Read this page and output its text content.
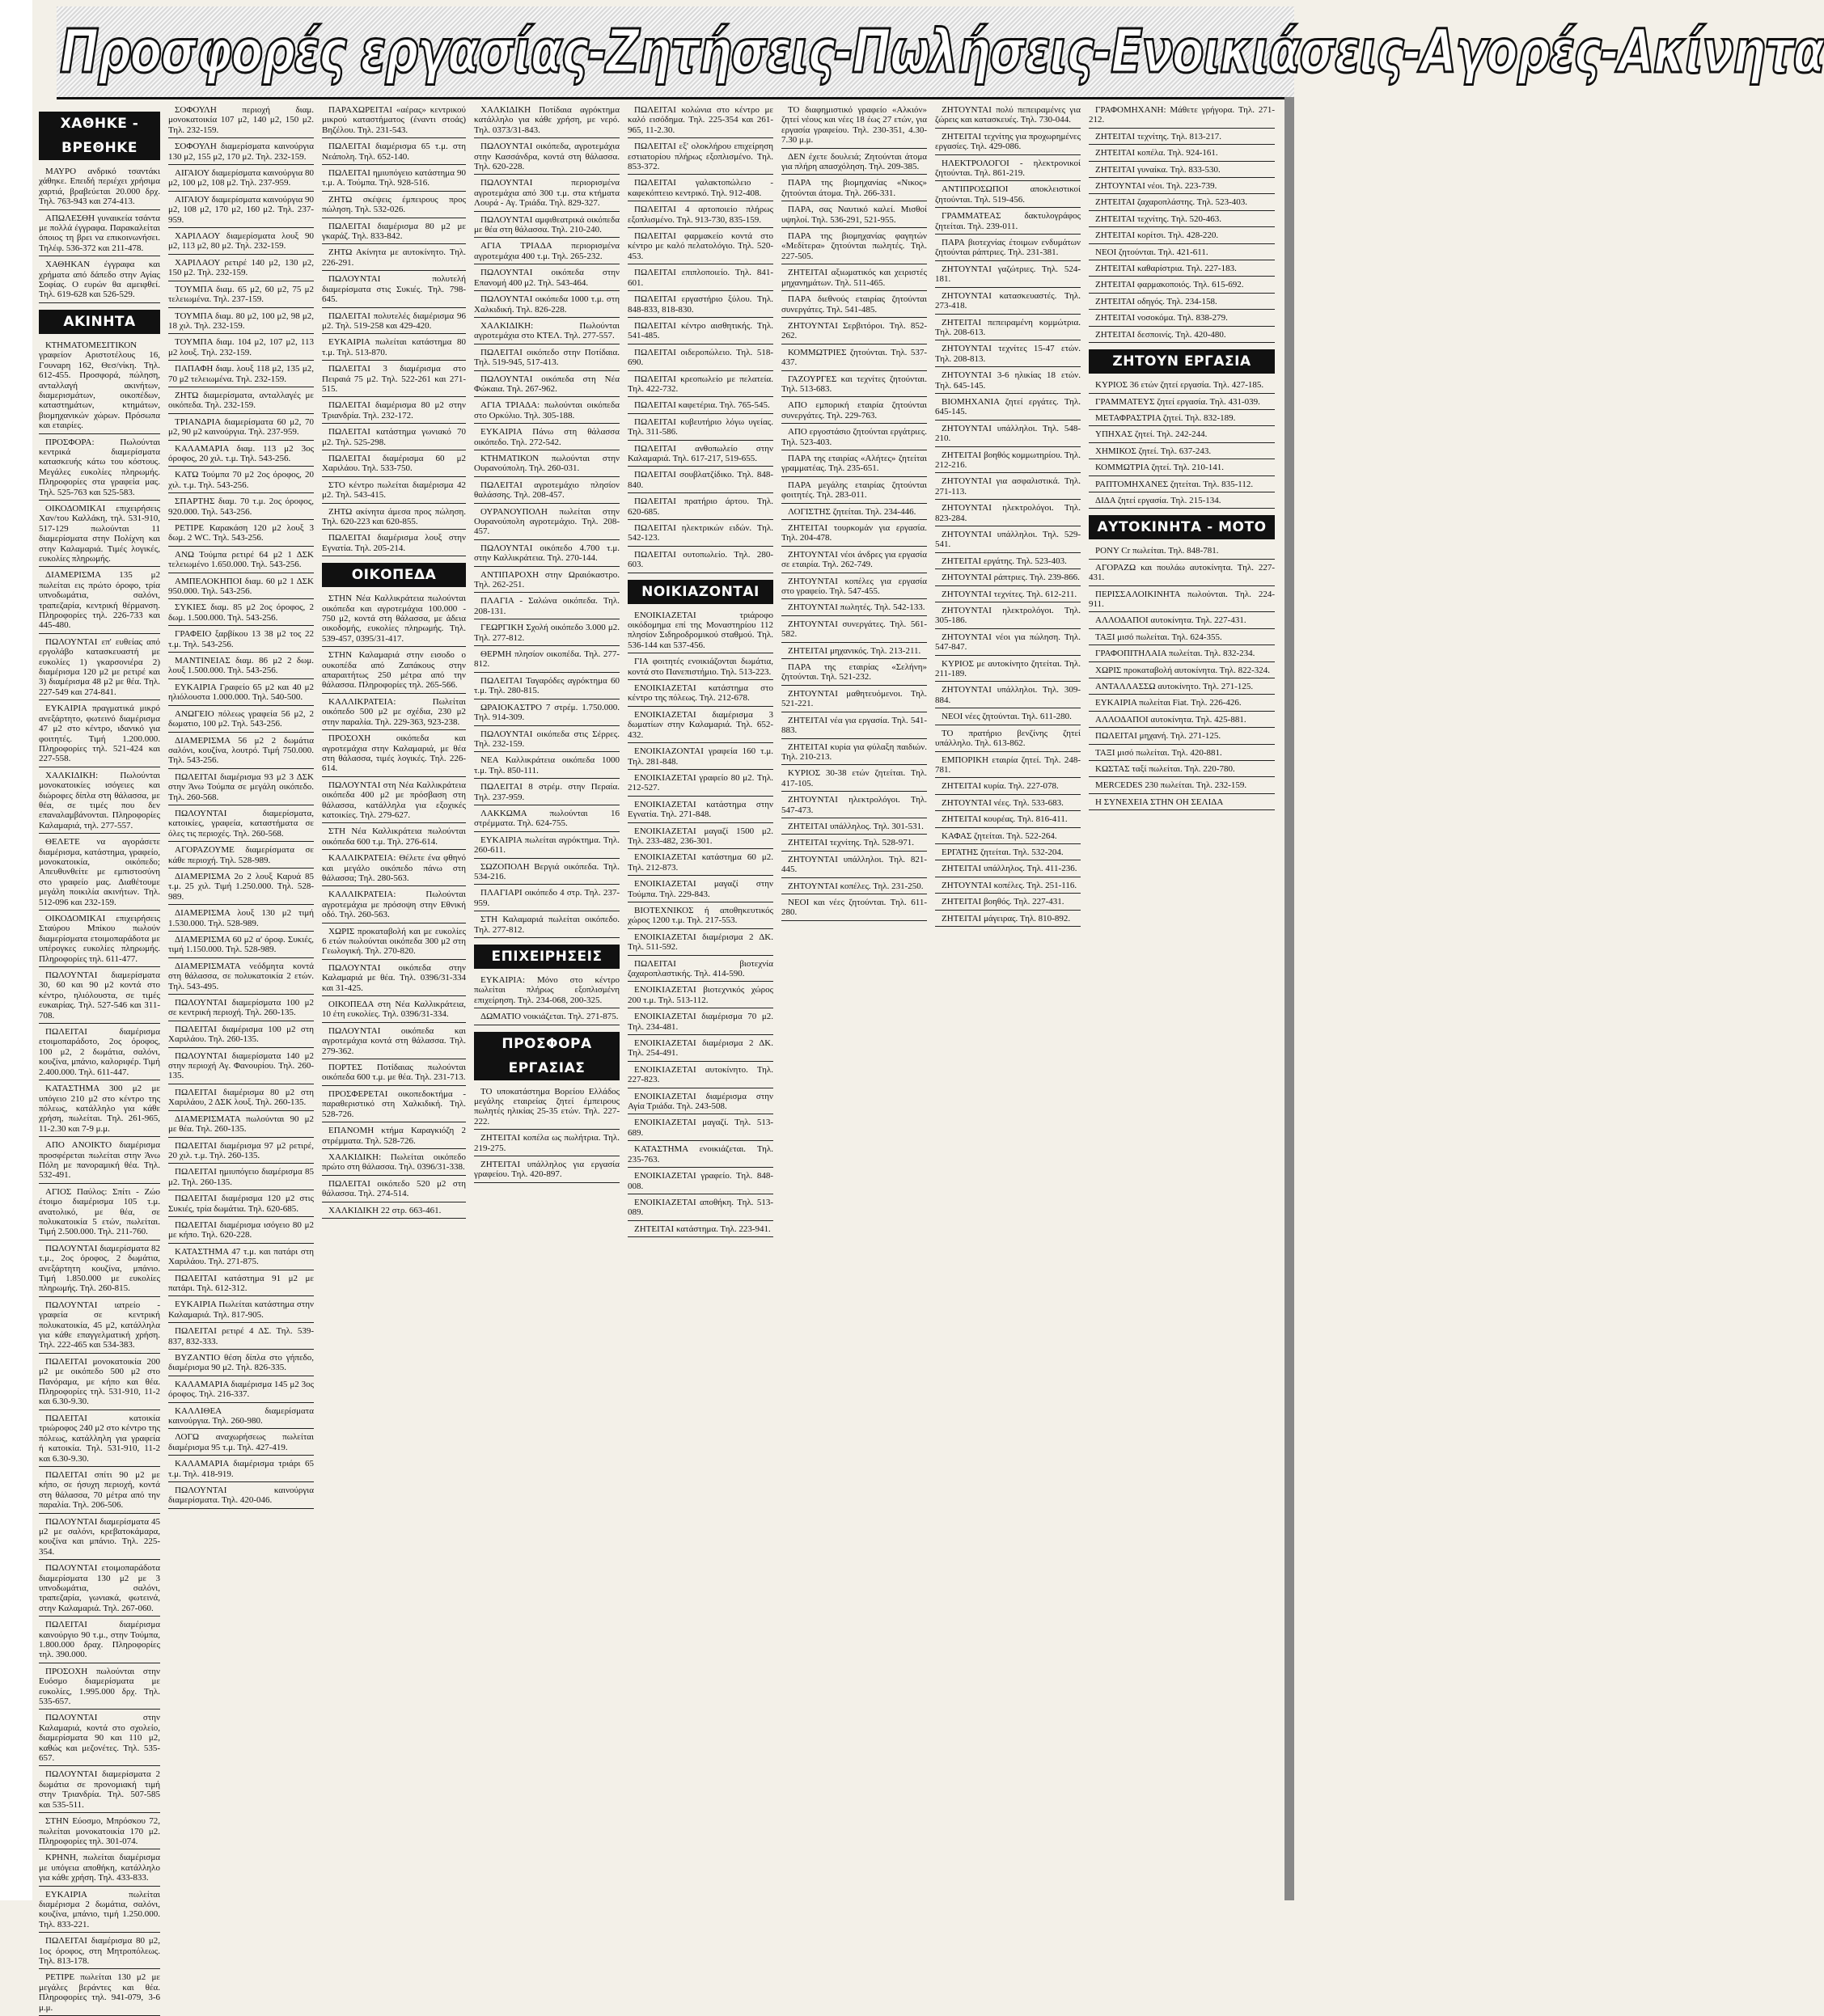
Προσφορές εργασίας-Ζητήσεις-Πωλήσεις-Ενοικιάσεις-Αγορές-Ακίνητα
ΧΑΘΗΚΕ - ΒΡΕΘΗΚΕ

ΜΑΥΡΟ ανδρικό τσαντάκι χάθηκε. Επειδή περιέχει χρήσιμα χαρτιά, βραβεύεται 20.000 δρχ. Τηλ. 763-943 και 274-413.

ΑΠΩΛΕΣΘΗ γυναικεία τσάντα με πολλά έγγραφα. Παρακαλείται όποιος τη βρει να επικοινωνήσει. Τηλέφ. 536-372 και 211-478.

ΧΑΘΗΚΑΝ έγγραφα και χρήματα από δάπεδο στην Αγίας Σοφίας. Ο ευρών θα αμειφθεί. Τηλ. 619-628 και 526-529.

ΑΚΙΝΗΤΑ

ΚΤΗΜΑΤΟΜΕΣΙΤΙΚΟΝ γραφείον Αριστοτέλους 16, Γουναρη 162, Θεσ/νίκη. Τηλ. 612-455. Προσφορά, πώληση, ανταλλαγή ακινήτων, διαμερισμάτων, οικοπέδων, καταστημάτων, κτημάτων, βιομηχανικών χώρων. Πρόσωπα και εταιρίες.

ΠΡΟΣΦΟΡΑ: Πωλούνται κεντρικά διαμερίσματα κατασκευής κάτω του κόστους. Μεγάλες ευκολίες πληρωμής. Πληροφορίες στα γραφεία μας. Τηλ. 525-763 και 525-583.

ΟΙΚΟΔΟΜΙΚΑΙ επιχειρήσεις Χαν/του Καλλάκη, τηλ. 531-910, 517-129 πωλούνται 11 διαμερίσματα στην Πολίχνη και στην Καλαμαριά. Τιμές λογικές, ευκολίες πληρωμής.

ΔΙΑΜΕΡΙΣΜΑ 135 μ2 πωλείται εις πρώτο όροφο, τρία υπνοδωμάτια, σαλόνι, τραπεζαρία, κεντρική θέρμανση. Πληροφορίες τηλ. 226-733 και 445-480.

ΠΩΛΟΥΝΤΑΙ επ' ευθείας από εργολάβο κατασκευαστή με ευκολίες 1) γκαρσονιέρα 2) διαμέρισμα 120 μ2 με ρετιρέ και 3) διαμέρισμα 48 μ2 με θέα. Τηλ. 227-549 και 274-841.

ΕΥΚΑΙΡΙΑ πραγματικά μικρό ανεξάρτητο, φωτεινό διαμέρισμα 47 μ2 στο κέντρο, ιδανικό για φοιτητές. Τιμή 1.200.000. Πληροφορίες τηλ. 521-424 και 227-558.

ΧΑΛΚΙΔΙΚΗ: Πωλούνται μονοκατοικίες ισόγειες και διώροφες δίπλα στη θάλασσα, με θέα, σε τιμές που δεν επαναλαμβάνονται. Πληροφορίες Καλαμαριά, τηλ. 277-557.

ΘΕΛΕΤΕ να αγοράσετε διαμέρισμα, κατάστημα, γραφείο, μονοκατοικία, οικόπεδο; Απευθυνθείτε με εμπιστοσύνη στο γραφείο μας. Διαθέτουμε μεγάλη ποικιλία ακινήτων. Τηλ. 512-096 και 232-159.

ΟΙΚΟΔΟΜΙΚΑΙ επιχειρήσεις Σταύρου Μπίκου πωλούν διαμερίσματα ετοιμοπαράδοτα με υπέρογκες ευκολίες πληρωμής. Πληροφορίες τηλ. 611-477.

ΠΩΛΟΥΝΤΑΙ διαμερίσματα 30, 60 και 90 μ2 κοντά στο κέντρο, ηλιόλουστα, σε τιμές ευκαιρίας. Τηλ. 527-546 και 311-708.

ΠΩΛΕΙΤΑΙ διαμέρισμα ετοιμοπαράδοτο, 2ος όροφος, 100 μ2, 2 δωμάτια, σαλόνι, κουζίνα, μπάνιο, καλοριφέρ. Τιμή 2.400.000. Τηλ. 611-447.

ΚΑΤΑΣΤΗΜΑ 300 μ2 με υπόγειο 210 μ2 στο κέντρο της πόλεως, κατάλληλο για κάθε χρήση, πωλείται. Τηλ. 261-965, 11-2.30 και 7-9 μ.μ.

ΑΠΟ ΑΝΟΙΚΤΟ διαμέρισμα προσφέρεται πωλείται στην Άνω Πόλη με πανοραμική θέα. Τηλ. 532-491.

ΑΓΙΟΣ Παύλος: Σπίτι - Ζώο έτοιμο διαμέρισμα 105 τ.μ. ανατολικό, με θέα, σε πολυκατοικία 5 ετών, πωλείται. Τιμή 2.500.000. Τηλ. 211-760.

ΠΩΛΟΥΝΤΑΙ διαμερίσματα 82 τ.μ., 2ος όροφος, 2 δωμάτια, ανεξάρτητη κουζίνα, μπάνιο. Τιμή 1.850.000 με ευκολίες πληρωμής. Τηλ. 260-815.

ΠΩΛΟΥΝΤΑΙ ιατρείο - γραφεία σε κεντρική πολυκατοικία, 45 μ2, κατάλληλα για κάθε επαγγελματική χρήση. Τηλ. 222-465 και 534-383.

ΠΩΛΕΙΤΑΙ μονοκατοικία 200 μ2 με οικόπεδο 500 μ2 στο Πανόραμα, με κήπο και θέα. Πληροφορίες τηλ. 531-910, 11-2 και 6.30-9.30.

ΠΩΛΕΙΤΑΙ κατοικία τριώροφος 240 μ2 στο κέντρο της πόλεως, κατάλληλη για γραφεία ή κατοικία. Τηλ. 531-910, 11-2 και 6.30-9.30.

ΠΩΛΕΙΤΑΙ σπίτι 90 μ2 με κήπο, σε ήσυχη περιοχή, κοντά στη θάλασσα, 70 μέτρα από την παραλία. Τηλ. 206-506.

ΠΩΛΟΥΝΤΑΙ διαμερίσματα 45 μ2 με σαλόνι, κρεβατοκάμαρα, κουζίνα και μπάνιο. Τηλ. 225-354.

ΠΩΛΟΥΝΤΑΙ ετοιμοπαράδοτα διαμερίσματα 130 μ2 με 3 υπνοδωμάτια, σαλόνι, τραπεζαρία, γωνιακά, φωτεινά, στην Καλαμαριά. Τηλ. 267-060.

ΠΩΛΕΙΤΑΙ διαμέρισμα καινούργιο 90 τ.μ., στην Τούμπα, 1.800.000 δραχ. Πληροφορίες τηλ. 390.000.

ΠΡΟΣΟΧΗ πωλούνται στην Ευόσμο διαμερίσματα με ευκολίες, 1.995.000 δρχ. Τηλ. 535-657.

ΠΩΛΟΥΝΤΑΙ στην Καλαμαριά, κοντά στο σχολείο, διαμερίσματα 90 και 110 μ2, καθώς και μεζονέτες. Τηλ. 535-657.

ΠΩΛΟΥΝΤΑΙ διαμερίσματα 2 δωμάτια σε προνομιακή τιμή στην Τριανδρία. Τηλ. 507-585 και 535-511.

ΣΤΗΝ Εύοσμο, Μπρόσκου 72, πωλείται μονοκατοικία 170 μ2. Πληροφορίες τηλ. 301-074.

ΚΡΗΝΗ, πωλείται διαμέρισμα με υπόγεια αποθήκη, κατάλληλο για κάθε χρήση. Τηλ. 433-833.

ΕΥΚΑΙΡΙΑ πωλείται διαμέρισμα 2 δωμάτια, σαλόνι, κουζίνα, μπάνιο, τιμή 1.250.000. Τηλ. 833-221.

ΠΩΛΕΙΤΑΙ διαμέρισμα 80 μ2, 1ος όροφος, στη Μητροπόλεως. Τηλ. 813-178.

ΡΕΤΙΡΕ πωλείται 130 μ2 με μεγάλες βεράντες και θέα. Πληροφορίες τηλ. 941-079, 3-6 μ.μ.

ΣΟΦΟΥΛΗ περιοχή διαμ. μονοκατοικία 107 μ2, 140 μ2, 150 μ2. Τηλ. 232-159.

ΣΟΦΟΥΛΗ διαμερίσματα καινούργια 130 μ2, 155 μ2, 170 μ2. Τηλ. 232-159.

ΑΙΓΑΙΟΥ διαμερίσματα καινούργια 80 μ2, 100 μ2, 108 μ2. Τηλ. 237-959.

ΑΙΓΑΙΟΥ διαμερίσματα καινούργια 90 μ2, 108 μ2, 170 μ2, 160 μ2. Τηλ. 237-959.

ΧΑΡΙΛΑΟΥ διαμερίσματα λουξ 90 μ2, 113 μ2, 80 μ2. Τηλ. 232-159.

ΧΑΡΙΛΑΟΥ ρετιρέ 140 μ2, 130 μ2, 150 μ2. Τηλ. 232-159.

ΤΟΥΜΠΑ διαμ. 65 μ2, 60 μ2, 75 μ2 τελειωμένα. Τηλ. 237-159.

ΤΟΥΜΠΑ διαμ. 80 μ2, 100 μ2, 98 μ2, 18 χιλ. Τηλ. 232-159.

ΤΟΥΜΠΑ διαμ. 104 μ2, 107 μ2, 113 μ2 λουξ. Τηλ. 232-159.

ΠΑΠΑΦΗ διαμ. λουξ 118 μ2, 135 μ2, 70 μ2 τελειωμένα. Τηλ. 232-159.

ΖΗΤΩ διαμερίσματα, ανταλλαγές με οικόπεδα. Τηλ. 232-159.

ΤΡΙΑΝΔΡΙΑ διαμερίσματα 60 μ2, 70 μ2, 90 μ2 καινούργια. Τηλ. 237-959.

ΚΑΛΑΜΑΡΙΑ διαμ. 113 μ2 3ος όροφος, 20 χιλ. τ.μ. Τηλ. 543-256.

ΚΑΤΩ Τούμπα 70 μ2 2ος όροφος, 20 χιλ. τ.μ. Τηλ. 543-256.

ΣΠΑΡΤΗΣ διαμ. 70 τ.μ. 2ος όροφος, 920.000. Τηλ. 543-256.

ΡΕΤΙΡΕ Καρακάση 120 μ2 λουξ 3 δωμ. 2 WC. Τηλ. 543-256.

ΑΝΩ Τούμπα ρετιρέ 64 μ2 1 ΔΣΚ τελειωμένο 1.650.000. Τηλ. 543-256.

ΑΜΠΕΛΟΚΗΠΟΙ διαμ. 60 μ2 1 ΔΣΚ 950.000. Τηλ. 543-256.

ΣΥΚΙΕΣ διαμ. 85 μ2 2ος όροφος, 2 δωμ. 1.500.000. Τηλ. 543-256.

ΓΡΑΦΕΙΟ ξαρβίκου 13 38 μ2 τος 22 τ.μ. Τηλ. 543-256.

ΜΑΝΤΙΝΕΙΑΣ διαμ. 86 μ2 2 δωμ. λουξ 1.500.000. Τηλ. 543-256.

ΕΥΚΑΙΡΙΑ Γραφείο 65 μ2 και 40 μ2 ηλιόλουστα 1.000.000. Τηλ. 540-500.

ΑΝΩΓΕΙΟ πόλεως γραφεία 56 μ2, 2 δωματιο, 100 μ2. Τηλ. 543-256.

ΔΙΑΜΕΡΙΣΜΑ 56 μ2 2 δωμάτια σαλόνι, κουζίνα, λουτρό. Τιμή 750.000. Τηλ. 543-256.

ΠΩΛΕΙΤΑΙ διαμέρισμα 93 μ2 3 ΔΣΚ στην Άνω Τούμπα σε μεγάλη οικόπεδο. Τηλ. 260-568.

ΠΩΛΟΥΝΤΑΙ διαμερίσματα, κατοικίες, γραφεία, καταστήματα σε όλες τις περιοχές. Τηλ. 260-568.

ΑΓΟΡΑΖΟΥΜΕ διαμερίσματα σε κάθε περιοχή. Τηλ. 528-989.

ΔΙΑΜΕΡΙΣΜΑ 2ο 2 λουξ Καρυά 85 τ.μ. 25 χιλ. Τιμή 1.250.000. Τηλ. 528-989.

ΔΙΑΜΕΡΙΣΜΑ λουξ 130 μ2 τιμή 1.530.000. Τηλ. 528-989.

ΔΙΑΜΕΡΙΣΜΑ 60 μ2 α' όροφ. Συκιές, τιμή 1.150.000. Τηλ. 528-989.

ΔΙΑΜΕΡΙΣΜΑΤΑ νεόδμητα κοντά στη θάλασσα, σε πολυκατοικία 2 ετών. Τηλ. 543-495.

ΠΩΛΟΥΝΤΑΙ διαμερίσματα 100 μ2 σε κεντρική περιοχή. Τηλ. 260-135.

ΠΩΛΕΙΤΑΙ διαμέρισμα 100 μ2 στη Χαριλάου. Τηλ. 260-135.

ΠΩΛΟΥΝΤΑΙ διαμερίσματα 140 μ2 στην περιοχή Αγ. Φανουρίου. Τηλ. 260-135.

ΠΩΛΕΙΤΑΙ διαμέρισμα 80 μ2 στη Χαριλάου, 2 ΔΣΚ λουξ. Τηλ. 260-135.

ΔΙΑΜΕΡΙΣΜΑΤΑ πωλούνται 90 μ2 με θέα. Τηλ. 260-135.

ΠΩΛΕΙΤΑΙ διαμέρισμα 97 μ2 ρετιρέ, 20 χιλ. τ.μ. Τηλ. 260-135.

ΠΩΛΕΙΤΑΙ ημιυπόγειο διαμέρισμα 85 μ2. Τηλ. 260-135.

ΠΩΛΕΙΤΑΙ διαμέρισμα 120 μ2 στις Συκιές, τρία δωμάτια. Τηλ. 620-685.

ΠΩΛΕΙΤΑΙ διαμέρισμα ισόγειο 80 μ2 με κήπο. Τηλ. 620-228.

ΚΑΤΑΣΤΗΜΑ 47 τ.μ. και πατάρι στη Χαριλάου. Τηλ. 271-875.

ΠΩΛΕΙΤΑΙ κατάστημα 91 μ2 με πατάρι. Τηλ. 612-312.

ΕΥΚΑΙΡΙΑ Πωλείται κατάστημα στην Καλαμαριά. Τηλ. 817-905.

ΠΩΛΕΙΤΑΙ ρετιρέ 4 ΔΣ. Τηλ. 539-837, 832-333.

ΒΥΖΑΝΤΙΟ θέση δίπλα στο γήπεδο, διαμέρισμα 90 μ2. Τηλ. 826-335.

ΚΑΛΑΜΑΡΙΑ διαμέρισμα 145 μ2 3ος όροφος. Τηλ. 216-337.

ΚΑΛΛΙΘΕΑ διαμερίσματα καινούργια. Τηλ. 260-980.

ΛΟΓΩ αναχωρήσεως πωλείται διαμέρισμα 95 τ.μ. Τηλ. 427-419.

ΚΑΛΑΜΑΡΙΑ διαμέρισμα τριάρι 65 τ.μ. Τηλ. 418-919.

ΠΩΛΟΥΝΤΑΙ καινούργια διαμερίσματα. Τηλ. 420-046.

ΠΑΡΑΧΩΡΕΙΤΑΙ «αέρας» κεντρικού μικρού καταστήματος (έναντι στοάς) Βηζέλου. Τηλ. 231-543.

ΠΩΛΕΙΤΑΙ διαμέρισμα 65 τ.μ. στη Νεάπολη. Τηλ. 652-140.

ΠΩΛΕΙΤΑΙ ημιυπόγειο κατάστημα 90 τ.μ. Α. Τούμπα. Τηλ. 928-516.

ΖΗΤΩ σκέψεις έμπειρους προς πώληση. Τηλ. 532-026.

ΠΩΛΕΙΤΑΙ διαμέρισμα 80 μ2 με γκαράζ. Τηλ. 833-842.

ΖΗΤΩ Ακίνητα με αυτοκίνητο. Τηλ. 226-291.

ΠΩΛΟΥΝΤΑΙ πολυτελή διαμερίσματα στις Συκιές. Τηλ. 798-645.

ΠΩΛΕΙΤΑΙ πολυτελές διαμέρισμα 96 μ2. Τηλ. 519-258 και 429-420.

ΕΥΚΑΙΡΙΑ πωλείται κατάστημα 80 τ.μ. Τηλ. 513-870.

ΠΩΛΕΙΤΑΙ 3 διαμέρισμα στο Πειραιά 75 μ2. Τηλ. 522-261 και 271-515.

ΠΩΛΕΙΤΑΙ διαμέρισμα 80 μ2 στην Τριανδρία. Τηλ. 232-172.

ΠΩΛΕΙΤΑΙ κατάστημα γωνιακό 70 μ2. Τηλ. 525-298.

ΠΩΛΕΙΤΑΙ διαμέρισμα 60 μ2 Χαριλάου. Τηλ. 533-750.

ΣΤΟ κέντρο πωλείται διαμέρισμα 42 μ2. Τηλ. 543-415.

ΖΗΤΩ ακίνητα άμεσα προς πώληση. Τηλ. 620-223 και 620-855.

ΠΩΛΕΙΤΑΙ διαμέρισμα λουξ στην Εγνατία. Τηλ. 205-214.

ΟΙΚΟΠΕΔΑ

ΣΤΗΝ Νέα Καλλικράτεια πωλούνται οικόπεδα και αγροτεμάχια 100.000 - 750 μ2, κοντά στη θάλασσα, με άδεια οικοδομής, ευκολίες πληρωμής. Τηλ. 539-457, 0395/31-417.

ΣΤΗΝ Καλαμαριά στην εισοδο ο ουκοπέδα από Ζαπάκους στην απαραιτήτως 250 μέτρα από την θάλασσα. Πληροφορίες τηλ. 265-566.

ΚΑΛΛΙΚΡΑΤΕΙΑ: Πωλείται οικόπεδο 500 μ2 με σχέδια, 230 μ2 στην παραλία. Τηλ. 229-363, 923-238.

ΠΡΟΣΟΧΗ οικόπεδα και αγροτεμάχια στην Καλαμαριά, με θέα στη θάλασσα, τιμές λογικές. Τηλ. 226-614.

ΠΩΛΟΥΝΤΑΙ στη Νέα Καλλικράτεια οικόπεδα 400 μ2 με πρόσβαση στη θάλασσα, κατάλληλα για εξοχικές κατοικίες. Τηλ. 279-627.

ΣΤΗ Νέα Καλλικράτεια πωλούνται οικόπεδα 600 τ.μ. Τηλ. 276-614.

ΚΑΛΛΙΚΡΑΤΕΙΑ: Θέλετε ένα φθηνό και μεγάλο οικόπεδο πάνω στη θάλασσα; Τηλ. 280-563.

ΚΑΛΛΙΚΡΑΤΕΙΑ: Πωλούνται αγροτεμάχια με πρόσοψη στην Εθνική οδό. Τηλ. 260-563.

ΧΩΡΙΣ προκαταβολή και με ευκολίες 6 ετών πωλούνται οικόπεδα 300 μ2 στη Γεωλογική. Τηλ. 270-820.

ΠΩΛΟΥΝΤΑΙ οικόπεδα στην Καλαμαριά με θέα. Τηλ. 0396/31-334 και 31-425.

ΟΙΚΟΠΕΔΑ στη Νέα Καλλικράτεια, 10 έτη ευκολίες. Τηλ. 0396/31-334.

ΠΩΛΟΥΝΤΑΙ οικόπεδα και αγροτεμάχια κοντά στη θάλασσα. Τηλ. 279-362.

ΠΟΡΤΕΣ Ποτίδαιας πωλούνται οικόπεδα 600 τ.μ. με θέα. Τηλ. 231-713.

ΠΡΟΣΦΕΡΕΤΑΙ οικοπεδοκτήμα - παραθεριστικό στη Χαλκιδική. Τηλ. 528-726.

ΕΠΑΝΟΜΗ κτήμα Καραγκιόζη 2 στρέμματα. Τηλ. 528-726.

ΧΑΛΚΙΔΙΚΗ: Πωλείται οικόπεδο πρώτο στη θάλασσα. Τηλ. 0396/31-338.

ΠΩΛΕΙΤΑΙ οικόπεδο 520 μ2 στη θάλασσα. Τηλ. 274-514.

ΧΑΛΚΙΔΙΚΗ 22 στρ. 663-461.

ΧΑΛΚΙΔΙΚΗ Ποτίδαια αγρόκτημα κατάλληλο για κάθε χρήση, με νερό. Τηλ. 0373/31-843.

ΠΩΛΟΥΝΤΑΙ οικόπεδα, αγροτεμάχια στην Κασσάνδρα, κοντά στη θάλασσα. Τηλ. 620-228.

ΠΩΛΟΥΝΤΑΙ περιορισμένα αγροτεμάχια από 300 τ.μ. στα κτήματα Λουρά - Αγ. Τριάδα. Τηλ. 829-327.

ΠΩΛΟΥΝΤΑΙ αμφιθεατρικά οικόπεδα με θέα στη θάλασσα. Τηλ. 210-240.

ΑΓΙΑ ΤΡΙΑΔΑ περιορισμένα αγροτεμάχια 400 τ.μ. Τηλ. 265-232.

ΠΩΛΟΥΝΤΑΙ οικόπεδα στην Επανομή 400 μ2. Τηλ. 543-464.

ΠΩΛΟΥΝΤΑΙ οικόπεδα 1000 τ.μ. στη Χαλκιδική. Τηλ. 826-228.

ΧΑΛΚΙΔΙΚΗ: Πωλούνται αγροτεμάχια στο ΚΤΕΛ. Τηλ. 277-557.

ΠΩΛΕΙΤΑΙ οικόπεδο στην Ποτίδαια. Τηλ. 519-945, 517-413.

ΠΩΛΟΥΝΤΑΙ οικόπεδα στη Νέα Φώκαια. Τηλ. 267-962.

ΑΓΙΑ ΤΡΙΑΔΑ: πωλούνται οικόπεδα στο Ορκύλιο. Τηλ. 305-188.

ΕΥΚΑΙΡΙΑ Πάνω στη θάλασσα οικόπεδο. Τηλ. 272-542.

ΚΤΗΜΑΤΙΚΟΝ πωλούνται στην Ουρανούπολη. Τηλ. 260-031.

ΠΩΛΕΙΤΑΙ αγροτεμάχιο πλησίον θαλάσσης. Τηλ. 208-457.

ΟΥΡΑΝΟΥΠΟΛΗ πωλείται στην Ουρανούπολη αγροτεμάχιο. Τηλ. 208-457.

ΠΩΛΟΥΝΤΑΙ οικόπεδο 4.700 τ.μ. στην Καλλικράτεια. Τηλ. 270-144.

ΑΝΤΙΠΑΡΟΧΗ στην Ωραιόκαστρο. Τηλ. 262-251.

ΠΛΑΓΙΑ - Σαλώνα οικόπεδα. Τηλ. 208-131.

ΓΕΩΡΓΙΚΗ Σχολή οικόπεδο 3.000 μ2. Τηλ. 277-812.

ΘΕΡΜΗ πλησίον οικοπέδα. Τηλ. 277-812.

ΠΩΛΕΙΤΑΙ Ταγαρόδες αγρόκτημα 60 τ.μ. Τηλ. 280-815.

ΩΡΑΙΟΚΑΣΤΡΟ 7 στρέμ. 1.750.000. Τηλ. 914-309.

ΠΩΛΟΥΝΤΑΙ οικόπεδα στις Σέρρες. Τηλ. 232-159.

ΝΕΑ Καλλικράτεια οικόπεδα 1000 τ.μ. Τηλ. 850-111.

ΠΩΛΕΙΤΑΙ 8 στρέμ. στην Περαία. Τηλ. 237-959.

ΛΑΚΚΩΜΑ πωλούνται 16 στρέμματα. Τηλ. 624-755.

ΕΥΚΑΙΡΙΑ πωλείται αγρόκτημα. Τηλ. 260-611.

ΣΩΖΟΠΟΛΗ Βεργιά οικόπεδα. Τηλ. 534-216.

ΠΛΑΓΙΑΡΙ οικόπεδο 4 στρ. Τηλ. 237-959.

ΣΤΗ Καλαμαριά πωλείται οικόπεδο. Τηλ. 277-812.

ΕΠΙΧΕΙΡΗΣΕΙΣ

ΕΥΚΑΙΡΙΑ: Μόνο στο κέντρο πωλείται πλήρως εξοπλισμένη επιχείρηση. Τηλ. 234-068, 200-325.

ΔΩΜΑΤΙΟ νοικιάζεται. Τηλ. 271-875.

ΠΡΟΣΦΟΡΑ ΕΡΓΑΣΙΑΣ

ΤΟ υποκατάστημα Βορείου Ελλάδος μεγάλης εταιρείας ζητεί έμπειρους πωλητές ηλικίας 25-35 ετών. Τηλ. 227-222.

ΖΗΤΕΙΤΑΙ κοπέλα ως πωλήτρια. Τηλ. 219-275.

ΖΗΤΕΙΤΑΙ υπάλληλος για εργασία γραφείου. Τηλ. 420-897.

ΠΩΛΕΙΤΑΙ κολώνια στο κέντρο με καλό εισόδημα. Τηλ. 225-354 και 261-965, 11-2.30.

ΠΩΛΕΙΤΑΙ εξ' ολοκλήρου επιχείρηση εστιατορίου πλήρως εξοπλισμένο. Τηλ. 853-372.

ΠΩΛΕΙΤΑΙ γαλακτοπώλειο - καφεκόπτειο κεντρικό. Τηλ. 912-408.

ΠΩΛΕΙΤΑΙ 4 αρτοποιείο πλήρως εξοπλισμένο. Τηλ. 913-730, 835-159.

ΠΩΛΕΙΤΑΙ φαρμακείο κοντά στο κέντρο με καλό πελατολόγιο. Τηλ. 520-453.

ΠΩΛΕΙΤΑΙ επιπλοποιείο. Τηλ. 841-601.

ΠΩΛΕΙΤΑΙ εργαστήριο ξύλου. Τηλ. 848-833, 818-830.

ΠΩΛΕΙΤΑΙ κέντρο αισθητικής. Τηλ. 541-485.

ΠΩΛΕΙΤΑΙ οιδεροπώλειο. Τηλ. 518-690.

ΠΩΛΕΙΤΑΙ κρεοπωλείο με πελατεία. Τηλ. 422-732.

ΠΩΛΕΙΤΑΙ καφετέρια. Τηλ. 765-545.

ΠΩΛΕΙΤΑΙ κυβευτήριο λόγω υγείας. Τηλ. 311-586.

ΠΩΛΕΙΤΑΙ ανθοπωλείο στην Καλαμαριά. Τηλ. 617-217, 519-655.

ΠΩΛΕΙΤΑΙ σουβλατζίδικο. Τηλ. 848-840.

ΠΩΛΕΙΤΑΙ πρατήριο άρτου. Τηλ. 620-685.

ΠΩΛΕΙΤΑΙ ηλεκτρικών ειδών. Τηλ. 542-123.

ΠΩΛΕΙΤΑΙ ουτοπωλείο. Τηλ. 280-603.

ΝΟΙΚΙΑΖΟΝΤΑΙ

ΕΝΟΙΚΙΑΖΕΤΑΙ τριάροφο οικόδομημα επί της Μοναστηρίου 112 πλησίον Σιδηροδρομικού σταθμού. Τηλ. 536-144 και 537-456.

ΓΙΑ φοιτητές ενοικιάζονται δωμάτια, κοντά στο Πανεπιστήμιο. Τηλ. 513-223.

ΕΝΟΙΚΙΑΖΕΤΑΙ κατάστημα στο κέντρο της πόλεως. Τηλ. 212-678.

ΕΝΟΙΚΙΑΖΕΤΑΙ διαμέρισμα 3 δωματίων στην Καλαμαριά. Τηλ. 652-432.

ΕΝΟΙΚΙΑΖΟΝΤΑΙ γραφεία 160 τ.μ. Τηλ. 281-848.

ΕΝΟΙΚΙΑΖΕΤΑΙ γραφείο 80 μ2. Τηλ. 212-527.

ΕΝΟΙΚΙΑΖΕΤΑΙ κατάστημα στην Εγνατία. Τηλ. 271-848.

ΕΝΟΙΚΙΑΖΕΤΑΙ μαγαζί 1500 μ2. Τηλ. 233-482, 236-301.

ΕΝΟΙΚΙΑΖΕΤΑΙ κατάστημα 60 μ2. Τηλ. 212-873.

ΕΝΟΙΚΙΑΖΕΤΑΙ μαγαζί στην Τούμπα. Τηλ. 229-843.

ΒΙΟΤΕΧΝΙΚΟΣ ή αποθηκευτικός χώρος 1200 τ.μ. Τηλ. 217-553.

ΕΝΟΙΚΙΑΖΕΤΑΙ διαμέρισμα 2 ΔΚ. Τηλ. 511-592.

ΠΩΛΕΙΤΑΙ βιοτεχνία ζαχαροπλαστικής. Τηλ. 414-590.

ΕΝΟΙΚΙΑΖΕΤΑΙ βιοτεχνικός χώρος 200 τ.μ. Τηλ. 513-112.

ΕΝΟΙΚΙΑΖΕΤΑΙ διαμέρισμα 70 μ2. Τηλ. 234-481.

ΕΝΟΙΚΙΑΖΕΤΑΙ διαμέρισμα 2 ΔΚ. Τηλ. 254-491.

ΕΝΟΙΚΙΑΖΕΤΑΙ αυτοκίνητο. Τηλ. 227-823.

ΕΝΟΙΚΙΑΖΕΤΑΙ διαμέρισμα στην Αγία Τριάδα. Τηλ. 243-508.

ΕΝΟΙΚΙΑΖΕΤΑΙ μαγαζί. Τηλ. 513-689.

ΚΑΤΑΣΤΗΜΑ ενοικιάζεται. Τηλ. 235-763.

ΕΝΟΙΚΙΑΖΕΤΑΙ γραφείο. Τηλ. 848-008.

ΕΝΟΙΚΙΑΖΕΤΑΙ αποθήκη. Τηλ. 513-089.

ΖΗΤΕΙΤΑΙ κατάστημα. Τηλ. 223-941.

ΤΟ διαφημιστικό γραφείο «Αλκιόν» ζητεί νέους και νέες 18 έως 27 ετών, για εργασία γραφείου. Τηλ. 230-351, 4.30-7.30 μ.μ.

ΔΕΝ έχετε δουλειά; Ζητούνται άτομα για πλήρη απασχόληση. Τηλ. 209-385.

ΠΑΡΑ της βιομηχανίας «Νικος» ζητούνται άτομα. Τηλ. 266-331.

ΠΑΡΑ, σας Ναυτικό καλεί. Μισθοί υψηλοί. Τηλ. 536-291, 521-955.

ΠΑΡΑ της βιομηχανίας φαγητών «Μεδίτερα» ζητούνται πωλητές. Τηλ. 227-505.

ΖΗΤΕΙΤΑΙ αξιωματικός και χειριστές μηχανημάτων. Τηλ. 511-465.

ΠΑΡΑ διεθνούς εταιρίας ζητούνται συνεργάτες. Τηλ. 541-485.

ΖΗΤΟΥΝΤΑΙ Σερβιτόροι. Τηλ. 852-262.

ΚΟΜΜΩΤΡΙΕΣ ζητούνται. Τηλ. 537-437.

ΓΑΖΟΥΡΓΕΣ και τεχνίτες ζητούνται. Τηλ. 513-683.

ΑΠΟ εμπορική εταιρία ζητούνται συνεργάτες. Τηλ. 229-763.

ΑΠΟ εργοστάσιο ζητούνται εργάτριες. Τηλ. 523-403.

ΠΑΡΑ της εταιρίας «Αλήτες» ζητείται γραμματέας. Τηλ. 235-651.

ΠΑΡΑ μεγάλης εταιρίας ζητούνται φοιτητές. Τηλ. 283-011.

ΛΟΓΙΣΤΗΣ ζητείται. Τηλ. 234-446.

ΖΗΤΕΙΤΑΙ τουρκομάν για εργασία. Τηλ. 204-478.

ΖΗΤΟΥΝΤΑΙ νέοι άνδρες για εργασία σε εταιρία. Τηλ. 262-749.

ΖΗΤΟΥΝΤΑΙ κοπέλες για εργασία στο γραφείο. Τηλ. 547-455.

ΖΗΤΟΥΝΤΑΙ πωλητές. Τηλ. 542-133.

ΖΗΤΟΥΝΤΑΙ συνεργάτες. Τηλ. 561-582.

ΖΗΤΕΙΤΑΙ μηχανικός. Τηλ. 213-211.

ΠΑΡΑ της εταιρίας «Σελήνη» ζητούνται. Τηλ. 521-232.

ΖΗΤΟΥΝΤΑΙ μαθητευόμενοι. Τηλ. 521-221.

ΖΗΤΕΙΤΑΙ νέα για εργασία. Τηλ. 541-883.

ΖΗΤΕΙΤΑΙ κυρία για φύλαξη παιδιών. Τηλ. 210-213.

ΚΥΡΙΟΣ 30-38 ετών ζητείται. Τηλ. 417-105.

ΖΗΤΟΥΝΤΑΙ ηλεκτρολόγοι. Τηλ. 547-473.

ΖΗΤΕΙΤΑΙ υπάλληλος. Τηλ. 301-531.

ΖΗΤΕΙΤΑΙ τεχνίτης. Τηλ. 528-971.

ΖΗΤΟΥΝΤΑΙ υπάλληλοι. Τηλ. 821-445.

ΖΗΤΟΥΝΤΑΙ κοπέλες. Τηλ. 231-250.

ΝΕΟΙ και νέες ζητούνται. Τηλ. 611-280.

ΖΗΤΟΥΝΤΑΙ πολύ πεπειραμένες για ζώρεις και κατασκευές. Τηλ. 730-044.

ΖΗΤΕΙΤΑΙ τεχνίτης για προχωρημένες εργασίες. Τηλ. 429-086.

ΗΛΕΚΤΡΟΛΟΓΟΙ - ηλεκτρονικοί ζητούνται. Τηλ. 861-219.

ΑΝΤΙΠΡΟΣΩΠΟΙ αποκλειστικοί ζητούνται. Τηλ. 519-456.

ΓΡΑΜΜΑΤΕΑΣ δακτυλογράφος ζητείται. Τηλ. 239-011.

ΠΑΡΑ βιοτεχνίας έτοιμων ενδυμάτων ζητούνται ράπτριες. Τηλ. 231-381.

ΖΗΤΟΥΝΤΑΙ γαζώτριες. Τηλ. 524-181.

ΖΗΤΟΥΝΤΑΙ κατασκευαστές. Τηλ. 273-418.

ΖΗΤΕΙΤΑΙ πεπειραμένη κομμώτρια. Τηλ. 208-613.

ΖΗΤΟΥΝΤΑΙ τεχνίτες 15-47 ετών. Τηλ. 208-813.

ΖΗΤΟΥΝΤΑΙ 3-6 ηλικίας 18 ετών. Τηλ. 645-145.

ΒΙΟΜΗΧΑΝΙΑ ζητεί εργάτες. Τηλ. 645-145.

ΖΗΤΟΥΝΤΑΙ υπάλληλοι. Τηλ. 548-210.

ΖΗΤΕΙΤΑΙ βοηθός κομμωτηρίου. Τηλ. 212-216.

ΖΗΤΟΥΝΤΑΙ για ασφαλιστικά. Τηλ. 271-113.

ΖΗΤΟΥΝΤΑΙ ηλεκτρολόγοι. Τηλ. 823-284.

ΖΗΤΟΥΝΤΑΙ υπάλληλοι. Τηλ. 529-541.

ΖΗΤΕΙΤΑΙ εργάτης. Τηλ. 523-403.

ΖΗΤΟΥΝΤΑΙ ράπτριες. Τηλ. 239-866.

ΖΗΤΟΥΝΤΑΙ τεχνίτες. Τηλ. 612-211.

ΖΗΤΟΥΝΤΑΙ ηλεκτρολόγοι. Τηλ. 305-186.

ΖΗΤΟΥΝΤΑΙ νέοι για πώληση. Τηλ. 547-847.

ΚΥΡΙΟΣ με αυτοκίνητο ζητείται. Τηλ. 211-189.

ΖΗΤΟΥΝΤΑΙ υπάλληλοι. Τηλ. 309-884.

ΝΕΟΙ νέες ζητούνται. Τηλ. 611-280.

ΤΟ πρατήριο βενζίνης ζητεί υπάλληλο. Τηλ. 613-862.

ΕΜΠΟΡΙΚΗ εταιρία ζητεί. Τηλ. 248-781.

ΖΗΤΕΙΤΑΙ κυρία. Τηλ. 227-078.

ΖΗΤΟΥΝΤΑΙ νέες. Τηλ. 533-683.

ΖΗΤΕΙΤΑΙ κουρέας. Τηλ. 816-411.

ΚΑΦΑΣ ζητείται. Τηλ. 522-264.

ΕΡΓΑΤΗΣ ζητείται. Τηλ. 532-204.

ΖΗΤΕΙΤΑΙ υπάλληλος. Τηλ. 411-236.

ΖΗΤΟΥΝΤΑΙ κοπέλες. Τηλ. 251-116.

ΖΗΤΕΙΤΑΙ βοηθός. Τηλ. 227-431.

ΖΗΤΕΙΤΑΙ μάγειρας. Τηλ. 810-892.

ΓΡΑΦΟΜΗΧΑΝΗ: Μάθετε γρήγορα. Τηλ. 271-212.

ΖΗΤΕΙΤΑΙ τεχνίτης. Τηλ. 813-217.

ΖΗΤΕΙΤΑΙ κοπέλα. Τηλ. 924-161.

ΖΗΤΕΙΤΑΙ γυναίκα. Τηλ. 833-530.

ΖΗΤΟΥΝΤΑΙ νέοι. Τηλ. 223-739.

ΖΗΤΕΙΤΑΙ ζαχαροπλάστης. Τηλ. 523-403.

ΖΗΤΕΙΤΑΙ τεχνίτης. Τηλ. 520-463.

ΖΗΤΕΙΤΑΙ κορίτσι. Τηλ. 428-220.

ΝΕΟΙ ζητούνται. Τηλ. 421-611.

ΖΗΤΕΙΤΑΙ καθαρίστρια. Τηλ. 227-183.

ΖΗΤΕΙΤΑΙ φαρμακοποιός. Τηλ. 615-692.

ΖΗΤΕΙΤΑΙ οδηγός. Τηλ. 234-158.

ΖΗΤΕΙΤΑΙ νοσοκόμα. Τηλ. 838-279.

ΖΗΤΕΙΤΑΙ δεσποινίς. Τηλ. 420-480.

ΖΗΤΟΥΝ ΕΡΓΑΣΙΑ

ΚΥΡΙΟΣ 36 ετών ζητεί εργασία. Τηλ. 427-185.

ΓΡΑΜΜΑΤΕΥΣ ζητεί εργασία. Τηλ. 431-039.

ΜΕΤΑΦΡΑΣΤΡΙΑ ζητεί. Τηλ. 832-189.

ΥΠΗΧΑΣ ζητεί. Τηλ. 242-244.

ΧΗΜΙΚΟΣ ζητεί. Τηλ. 637-243.

ΚΟΜΜΩΤΡΙΑ ζητεί. Τηλ. 210-141.

ΡΑΠΤΟΜΗΧΑΝΕΣ ζητείται. Τηλ. 835-112.

ΔΙΔΑ ζητεί εργασία. Τηλ. 215-134.

ΑΥΤΟΚΙΝΗΤΑ - ΜΟΤΟ

ΡΟΝΥ Cr πωλείται. Τηλ. 848-781.

ΑΓΟΡΑΖΩ και πουλάω αυτοκίνητα. Τηλ. 227-431.

ΠΕΡΙΣΣΑΛΟΙΚΙΝΗΤΑ πωλούνται. Τηλ. 224-911.

ΑΛΛΟΔΑΠΟΙ αυτοκίνητα. Τηλ. 227-431.

ΤΑΞΙ μισό πωλείται. Τηλ. 624-355.

ΓΡΑΦΟΠΙΤΗΛΑΙΑ πωλείται. Τηλ. 832-234.

ΧΩΡΙΣ προκαταβολή αυτοκίνητα. Τηλ. 822-324.

ΑΝΤΑΛΛΑΣΣΩ αυτοκίνητο. Τηλ. 271-125.

ΕΥΚΑΙΡΙΑ πωλείται Fiat. Τηλ. 226-426.

ΑΛΛΟΔΑΠΟΙ αυτοκίνητα. Τηλ. 425-881.

ΠΩΛΕΙΤΑΙ μηχανή. Τηλ. 271-125.

ΤΑΞΙ μισό πωλείται. Τηλ. 420-881.

ΚΩΣΤΑΣ ταξί πωλείται. Τηλ. 220-780.

MERCEDES 230 πωλείται. Τηλ. 232-159.

Η ΣΥΝΕΧΕΙΑ ΣΤΗΝ ΟΗ ΣΕΛΙΔΑ
